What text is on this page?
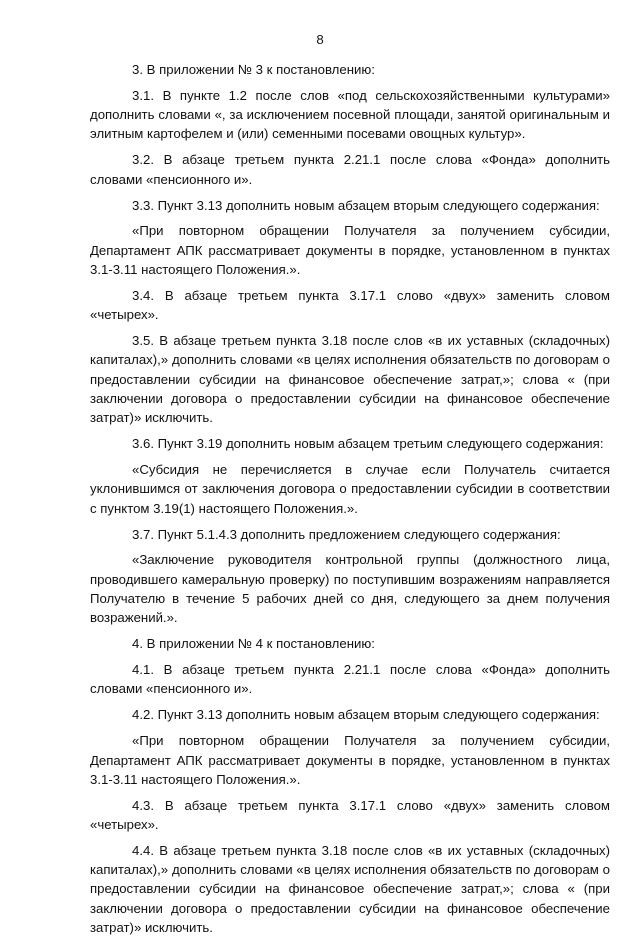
8

3. В приложении № 3 к постановлению:

3.1. В пункте 1.2 после слов «под сельскохозяйственными культурами» дополнить словами «, за исключением посевной площади, занятой оригинальным и элитным картофелем и (или) семенными посевами овощных культур».

3.2. В абзаце третьем пункта 2.21.1 после слова «Фонда» дополнить словами «пенсионного и».

3.3. Пункт 3.13 дополнить новым абзацем вторым следующего содержания:

«При повторном обращении Получателя за получением субсидии, Департамент АПК рассматривает документы в порядке, установленном в пунктах 3.1-3.11 настоящего Положения.».

3.4. В абзаце третьем пункта 3.17.1 слово «двух» заменить словом «четырех».

3.5. В абзаце третьем пункта 3.18 после слов «в их уставных (складочных) капиталах),» дополнить словами «в целях исполнения обязательств по договорам о предоставлении субсидии на финансовое обеспечение затрат,»; слова « (при заключении договора о предоставлении субсидии на финансовое обеспечение затрат)» исключить.

3.6. Пункт 3.19 дополнить новым абзацем третьим следующего содержания:

«Субсидия не перечисляется в случае если Получатель считается уклонившимся от заключения договора о предоставлении субсидии в соответствии с пунктом 3.19(1) настоящего Положения.».

3.7. Пункт 5.1.4.3 дополнить предложением следующего содержания:

«Заключение руководителя контрольной группы (должностного лица, проводившего камеральную проверку) по поступившим возражениям направляется Получателю в течение 5 рабочих дней со дня, следующего за днем получения возражений.».

4. В приложении № 4 к постановлению:

4.1. В абзаце третьем пункта 2.21.1 после слова «Фонда» дополнить словами «пенсионного и».

4.2. Пункт 3.13 дополнить новым абзацем вторым следующего содержания:

«При повторном обращении Получателя за получением субсидии, Департамент АПК рассматривает документы в порядке, установленном в пунктах 3.1-3.11 настоящего Положения.».

4.3. В абзаце третьем пункта 3.17.1 слово «двух» заменить словом «четырех».

4.4. В абзаце третьем пункта 3.18 после слов «в их уставных (складочных) капиталах),» дополнить словами «в целях исполнения обязательств по договорам о предоставлении субсидии на финансовое обеспечение затрат,»; слова « (при заключении договора о предоставлении субсидии на финансовое обеспечение затрат)» исключить.
